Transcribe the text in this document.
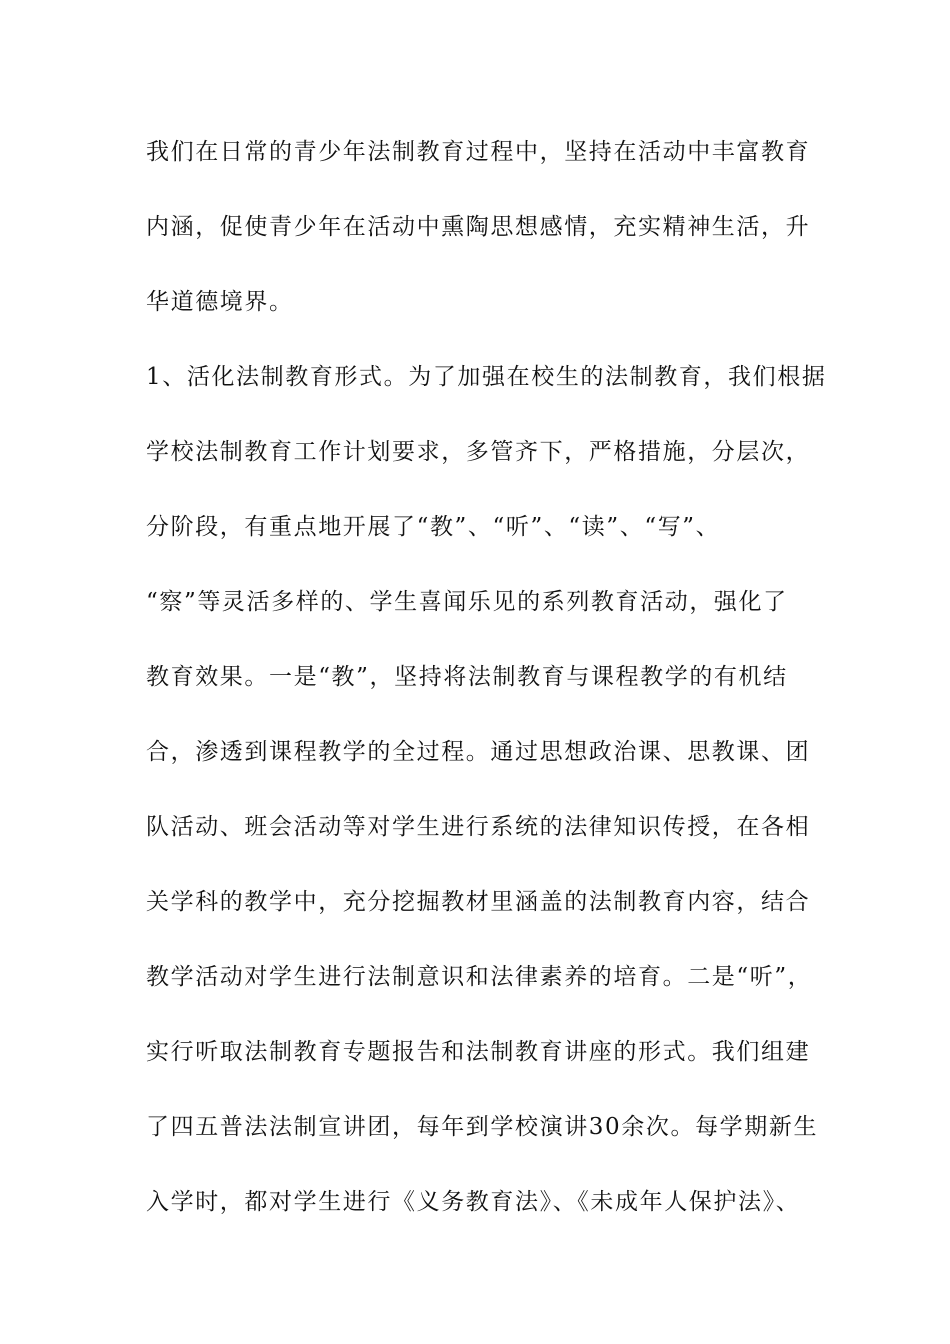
我们在日常的青少年法制教育过程中，坚持在活动中丰富教育
内涵，促使青少年在活动中熏陶思想感情，充实精神生活，升
华道德境界。
1、活化法制教育形式。为了加强在校生的法制教育，我们根据
学校法制教育工作计划要求，多管齐下，严格措施，分层次，
分阶段，有重点地开展了“教”、“听”、“读”、“写”、
“察”等灵活多样的、学生喜闻乐见的系列教育活动，强化了
教育效果。一是“教”，坚持将法制教育与课程教学的有机结
合，渗透到课程教学的全过程。通过思想政治课、思教课、团
队活动、班会活动等对学生进行系统的法律知识传授，在各相
关学科的教学中，充分挖掘教材里涵盖的法制教育内容，结合
教学活动对学生进行法制意识和法律素养的培育。二是“听”，
实行听取法制教育专题报告和法制教育讲座的形式。我们组建
了四五普法法制宣讲团，每年到学校演讲30余次。每学期新生
入学时，都对学生进行《义务教育法》、《未成年人保护法》、
